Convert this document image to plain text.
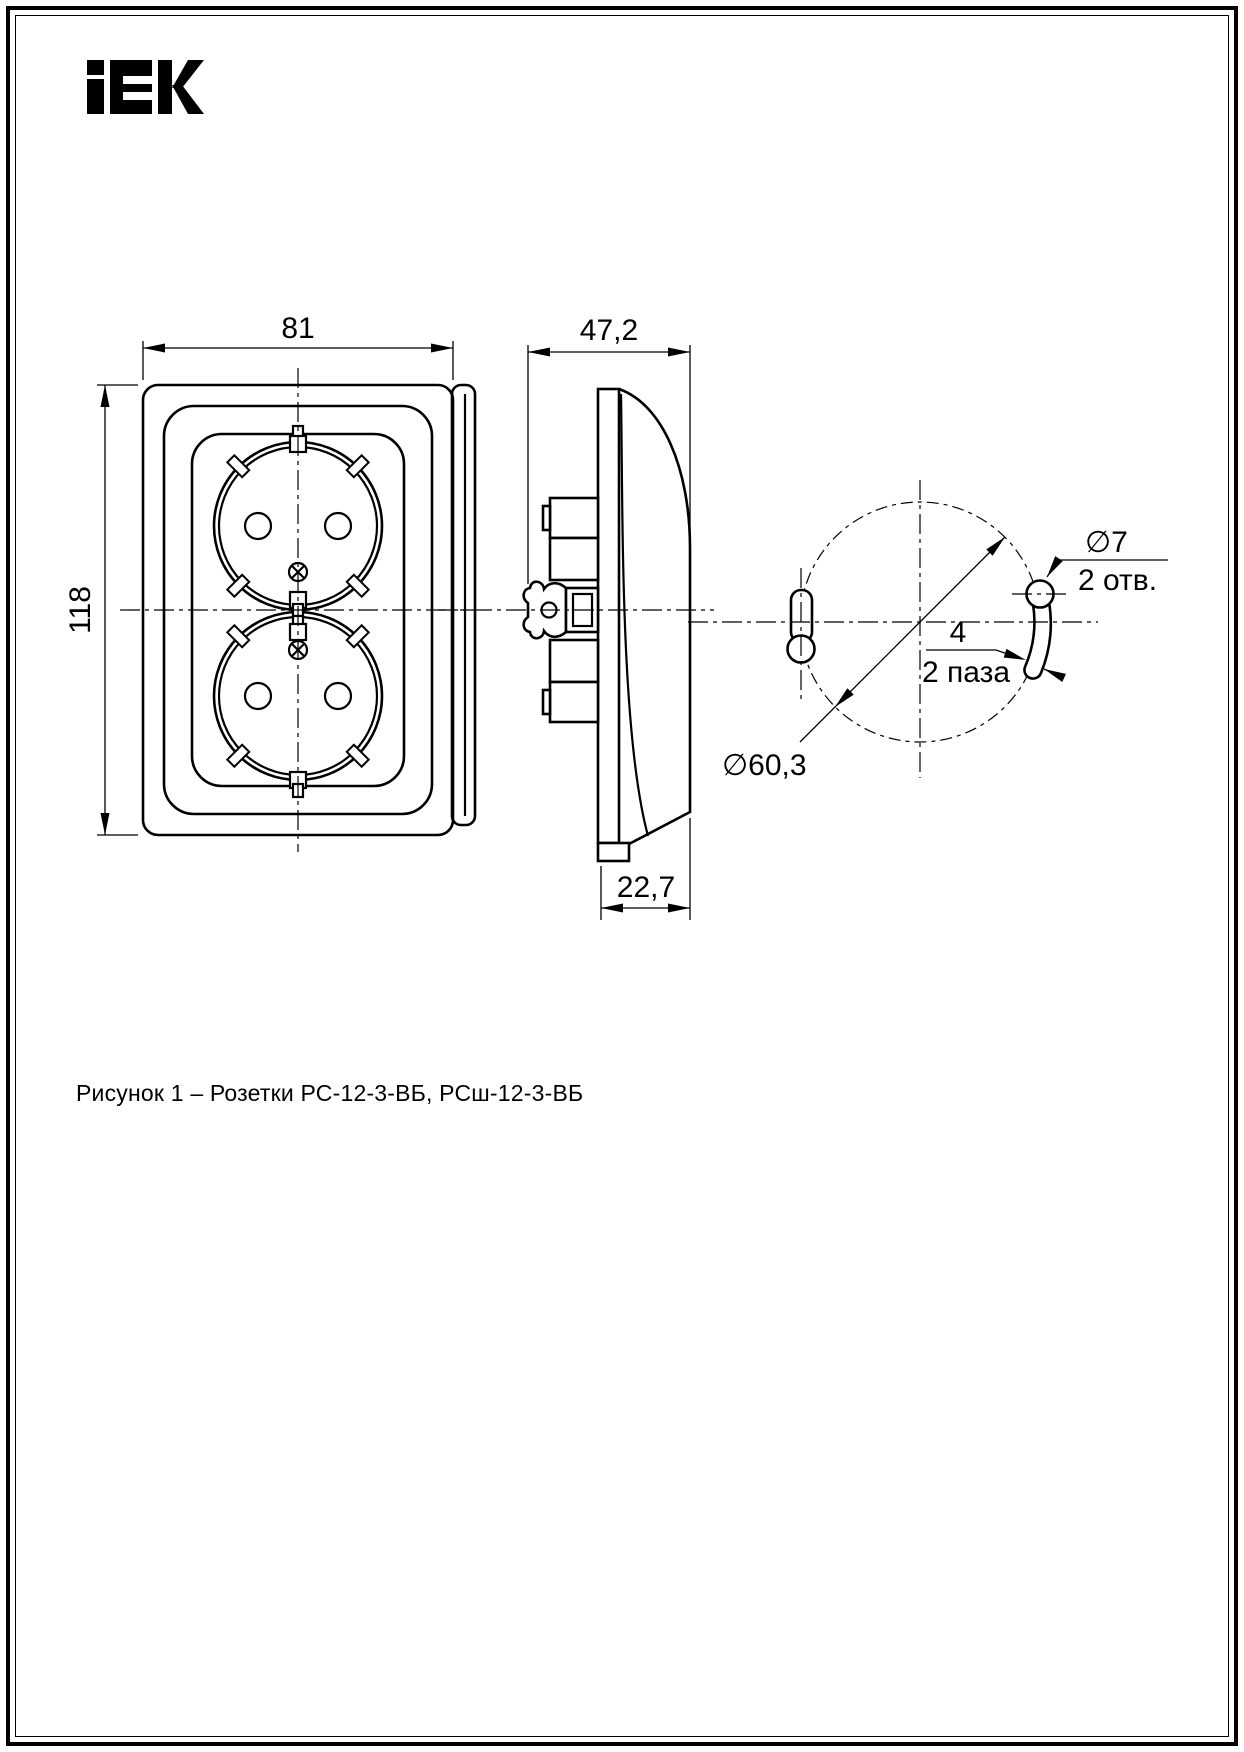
81
118
47,2
22,7
∅60,3
∅7
2 отв.
4
2 паза
Рисунок 1 – Розетки РС-12-3-ВБ, РСш-12-3-ВБ
